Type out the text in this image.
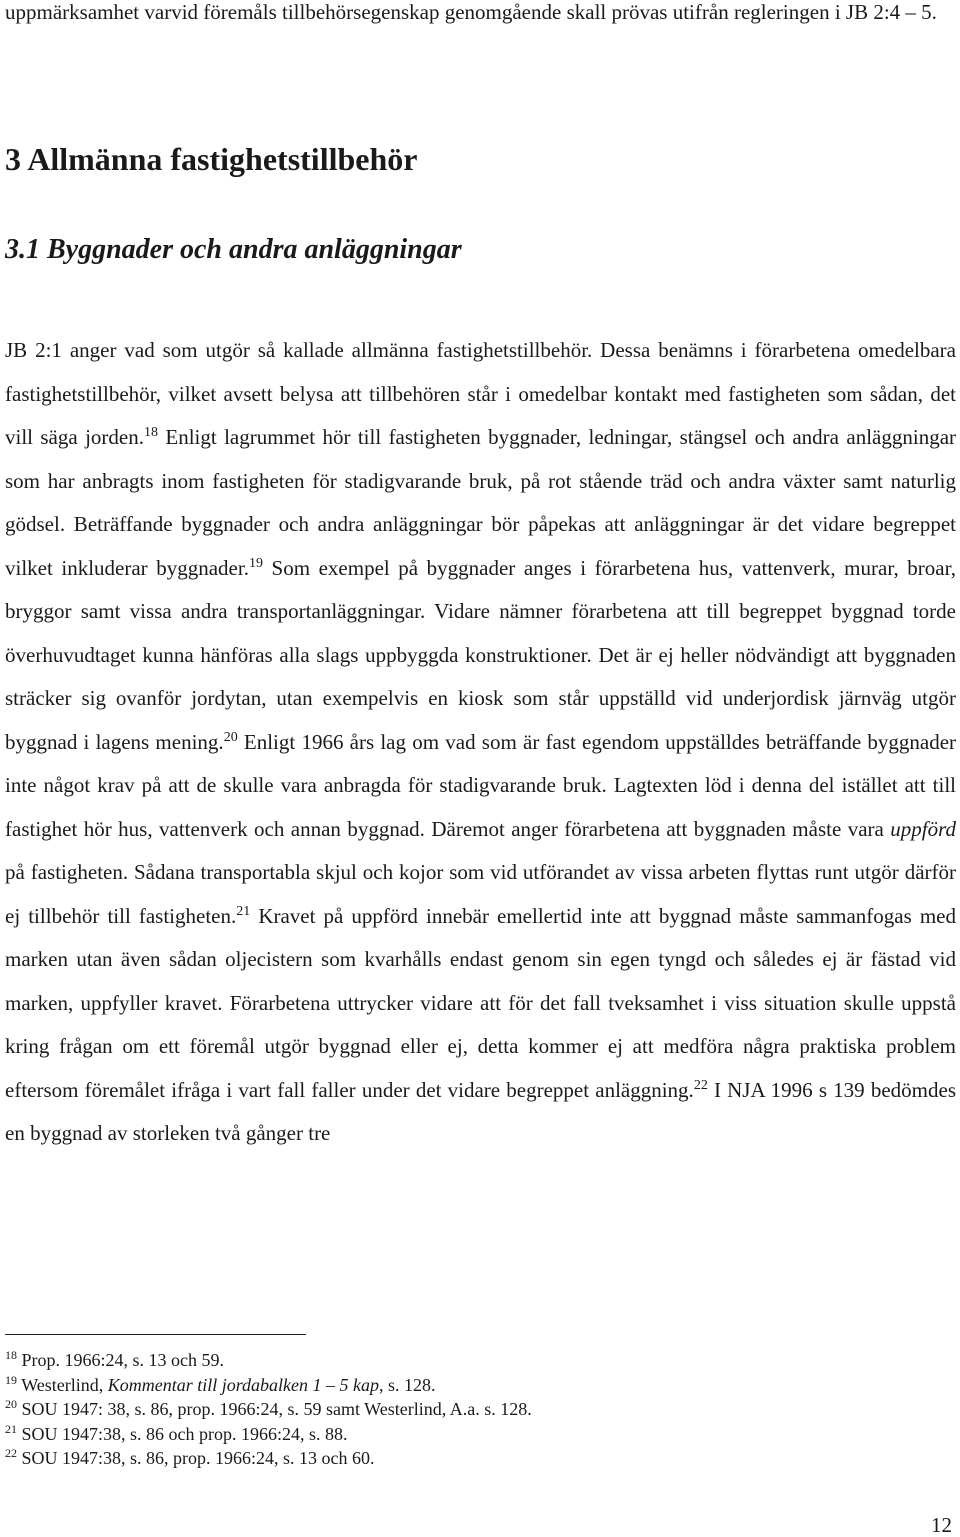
uppmärksamhet varvid föremåls tillbehörsegenskap genomgående skall prövas utifrån regleringen i JB 2:4 – 5.

3 Allmänna fastighetstillbehör
3.1 Byggnader och andra anläggningar

JB 2:1 anger vad som utgör så kallade allmänna fastighetstillbehör. Dessa benämns i förarbetena omedelbara fastighetstillbehör, vilket avsett belysa att tillbehören står i omedelbar kontakt med fastigheten som sådan, det vill säga jorden.$^{18}$ Enligt lagrummet hör till fastigheten byggnader, ledningar, stängsel och andra anläggningar som har anbragts inom fastigheten för stadigvarande bruk, på rot stående träd och andra växter samt naturlig gödsel. Beträffande byggnader och andra anläggningar bör påpekas att anläggningar är det vidare begreppet vilket inkluderar byggnader.$^{19}$ Som exempel på byggnader anges i förarbetena hus, vattenverk, murar, broar, bryggor samt vissa andra transportanläggningar. Vidare nämner förarbetena att till begreppet byggnad torde överhuvudtaget kunna hänföras alla slags uppbyggda konstruktioner. Det är ej heller nödvändigt att byggnaden sträcker sig ovanför jordytan, utan exempelvis en kiosk som står uppställd vid underjordisk järnväg utgör byggnad i lagens mening.$^{20}$ Enligt 1966 års lag om vad som är fast egendom uppställdes beträffande byggnader inte något krav på att de skulle vara anbragda för stadigvarande bruk. Lagtexten löd i denna del istället att till fastighet hör hus, vattenverk och annan byggnad. Däremot anger förarbetena att byggnaden måste vara uppförd på fastigheten. Sådana transportabla skjul och kojor som vid utförandet av vissa arbeten flyttas runt utgör därför ej tillbehör till fastigheten.$^{21}$ Kravet på uppförd innebär emellertid inte att byggnad måste sammanfogas med marken utan även sådan oljecistern som kvarhålls endast genom sin egen tyngd och således ej är fästad vid marken, uppfyller kravet. Förarbetena uttrycker vidare att för det fall tveksamhet i viss situation skulle uppstå kring frågan om ett föremål utgör byggnad eller ej, detta kommer ej att medföra några praktiska problem eftersom föremålet ifråga i vart fall faller under det vidare begreppet anläggning.$^{22}$ I NJA 1996 s 139 bedömdes en byggnad av storleken två gånger tre

$^{18}$ Prop. 1966:24, s. 13 och 59.
$^{19}$ Westerlind, Kommentar till jordabalken 1 – 5 kap, s. 128.
$^{20}$ SOU 1947: 38, s. 86, prop. 1966:24, s. 59 samt Westerlind, A.a. s. 128.
$^{21}$ SOU 1947:38, s. 86 och prop. 1966:24, s. 88.
$^{22}$ SOU 1947:38, s. 86, prop. 1966:24, s. 13 och 60.
12
